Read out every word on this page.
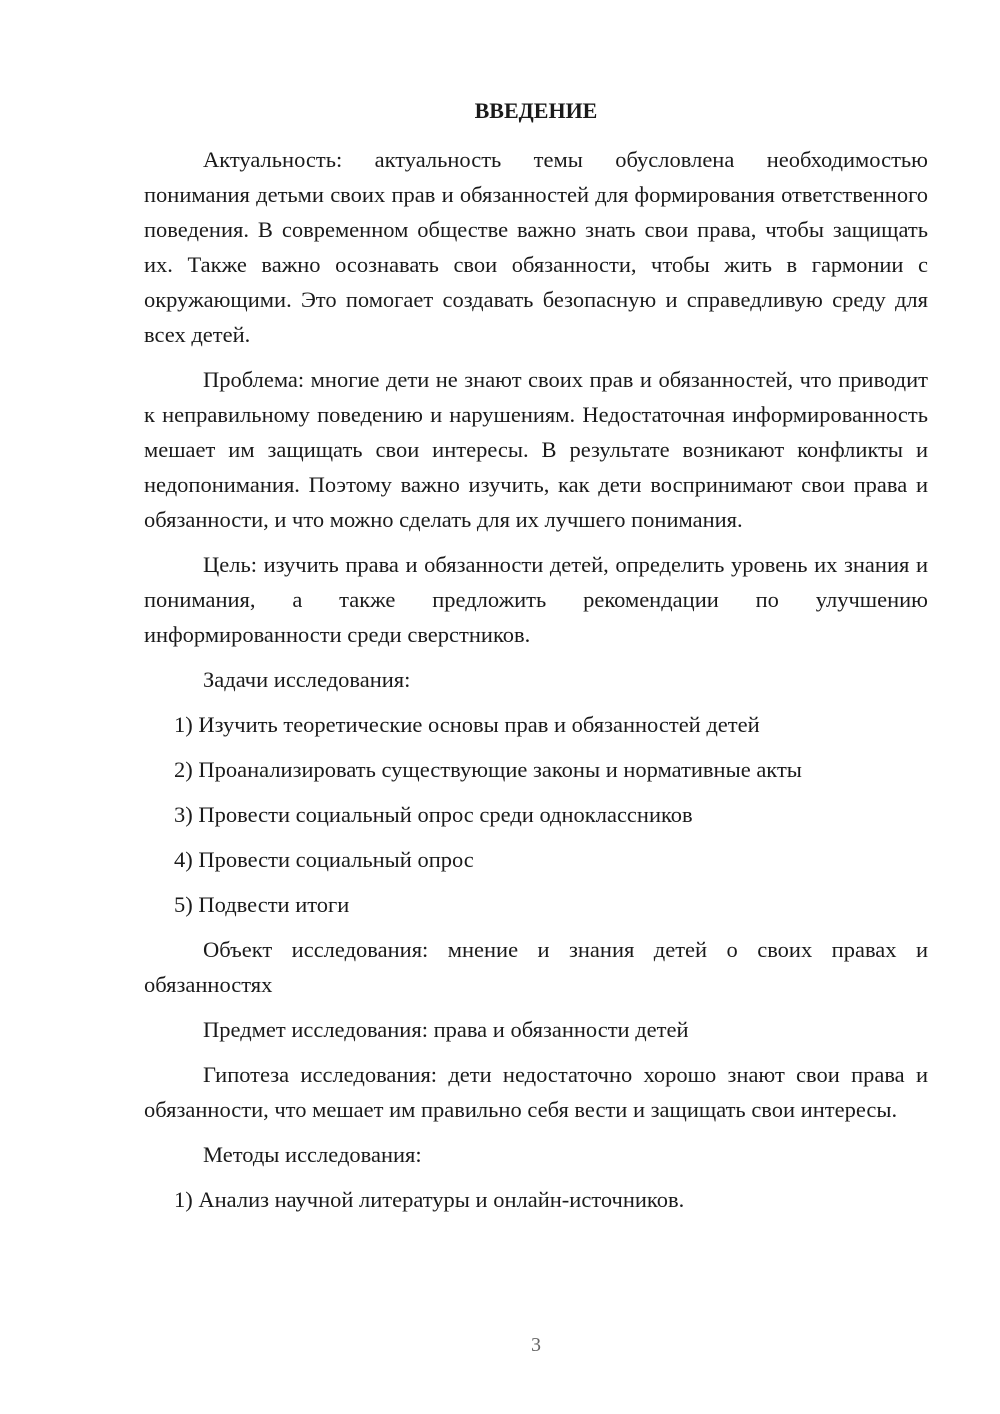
ВВЕДЕНИЕ

Актуальность: актуальность темы обусловлена необходимостью понимания детьми своих прав и обязанностей для формирования ответственного поведения. В современном обществе важно знать свои права, чтобы защищать их. Также важно осознавать свои обязанности, чтобы жить в гармонии с окружающими. Это помогает создавать безопасную и справедливую среду для всех детей.

Проблема: многие дети не знают своих прав и обязанностей, что приводит к неправильному поведению и нарушениям. Недостаточная информированность мешает им защищать свои интересы. В результате возникают конфликты и недопонимания. Поэтому важно изучить, как дети воспринимают свои права и обязанности, и что можно сделать для их лучшего понимания.

Цель: изучить права и обязанности детей, определить уровень их знания и понимания, а также предложить рекомендации по улучшению информированности среди сверстников.

Задачи исследования:

1) Изучить теоретические основы прав и обязанностей детей

2) Проанализировать существующие законы и нормативные акты

3) Провести социальный опрос среди одноклассников

4) Провести социальный опрос

5) Подвести итоги

Объект исследования: мнение и знания детей о своих правах и обязанностях

Предмет исследования: права и обязанности детей

Гипотеза исследования: дети недостаточно хорошо знают свои права и обязанности, что мешает им правильно себя вести и защищать свои интересы.

Методы исследования:

1) Анализ научной литературы и онлайн-источников.

3
